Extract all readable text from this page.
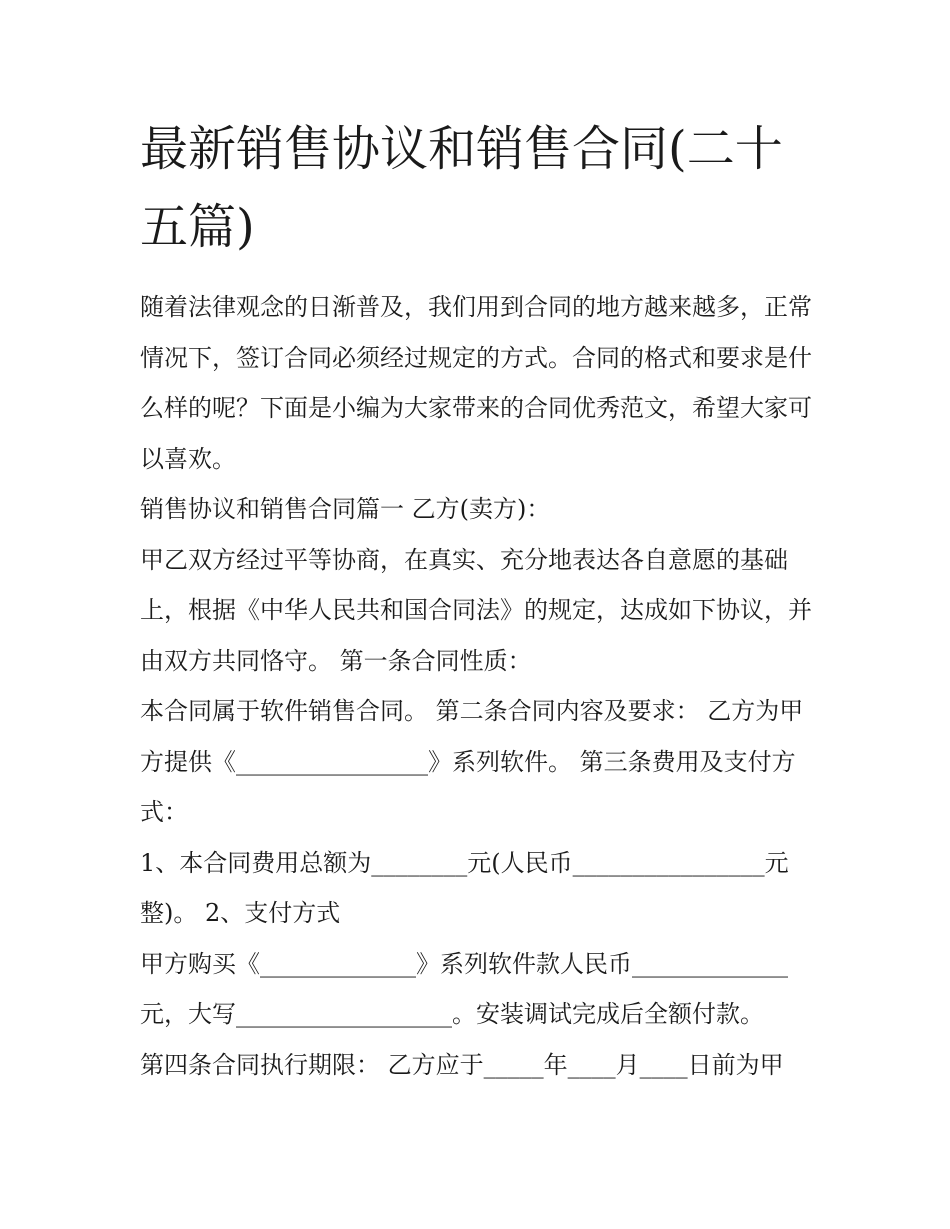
最新销售协议和销售合同(二十五篇)

随着法律观念的日渐普及，我们用到合同的地方越来越多，正常情况下，签订合同必须经过规定的方式。合同的格式和要求是什么样的呢？下面是小编为大家带来的合同优秀范文，希望大家可以喜欢。

销售协议和销售合同篇一 乙方(卖方)：

甲乙双方经过平等协商，在真实、充分地表达各自意愿的基础上，根据《中华人民共和国合同法》的规定，达成如下协议，并由双方共同恪守。 第一条合同性质：

本合同属于软件销售合同。 第二条合同内容及要求： 乙方为甲方提供《________________》系列软件。 第三条费用及支付方式：

1、本合同费用总额为________元(人民币________________元整)。 2、支付方式

甲方购买《_____________》系列软件款人民币_____________元，大写__________________。安装调试完成后全额付款。

第四条合同执行期限： 乙方应于_____年____月____日前为甲
